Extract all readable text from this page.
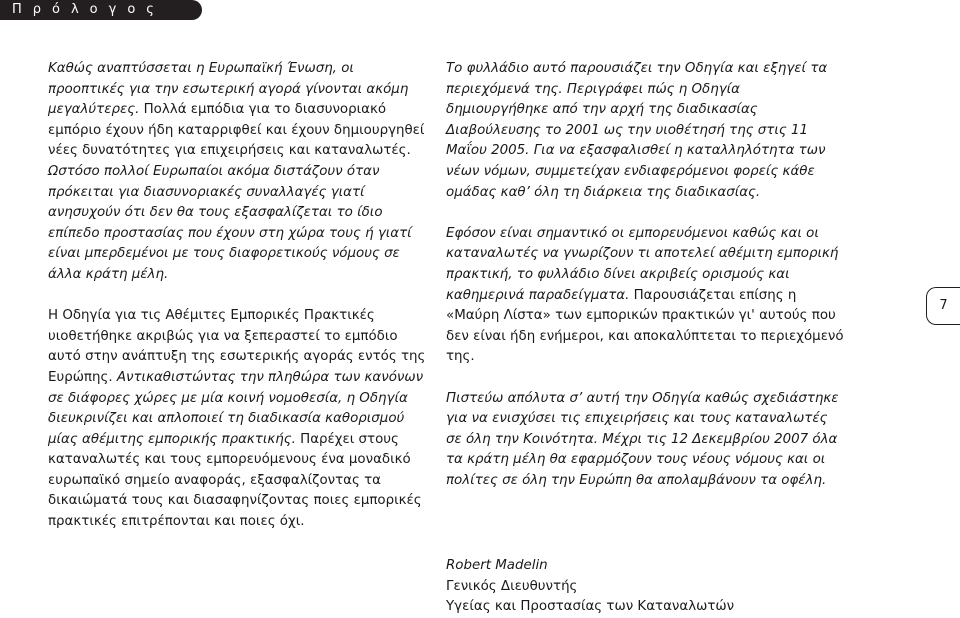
Πρόλογος

Καθώς αναπτύσσεται η Ευρωπαϊκή Ένωση, οι προοπτικές για την εσωτερική αγορά γίνονται ακόμη μεγαλύτερες. Πολλά εμπόδια για το διασυνοριακό εμπόριο έχουν ήδη καταρριφθεί και έχουν δημιουργηθεί νέες δυνατότητες για επιχειρήσεις και καταναλωτές. Ωστόσο πολλοί Ευρωπαίοι ακόμα διστάζουν όταν πρόκειται για διασυνοριακές συναλλαγές γιατί ανησυχούν ότι δεν θα τους εξασφαλίζεται το ίδιο επίπεδο προστασίας που έχουν στη χώρα τους ή γιατί είναι μπερδεμένοι με τους διαφορετικούς νόμους σε άλλα κράτη μέλη.

Η Οδηγία για τις Αθέμιτες Εμπορικές Πρακτικές υιοθετήθηκε ακριβώς για να ξεπεραστεί το εμπόδιο αυτό στην ανάπτυξη της εσωτερικής αγοράς εντός της Ευρώπης. Αντικαθιστώντας την πληθώρα των κανόνων σε διάφορες χώρες με μία κοινή νομοθεσία, η Οδηγία διευκρινίζει και απλοποιεί τη διαδικασία καθορισμού μίας αθέμιτης εμπορικής πρακτικής. Παρέχει στους καταναλωτές και τους εμπορευόμενους ένα μοναδικό ευρωπαϊκό σημείο αναφοράς, εξασφαλίζοντας τα δικαιώματά τους και διασαφηνίζοντας ποιες εμπορικές πρακτικές επιτρέπονται και ποιες όχι.

Το φυλλάδιο αυτό παρουσιάζει την Οδηγία και εξηγεί τα περιεχόμενά της. Περιγράφει πώς η Οδηγία δημιουργήθηκε από την αρχή της διαδικασίας Διαβούλευσης το 2001 ως την υιοθέτησή της στις 11 Μαΐου 2005. Για να εξασφαλισθεί η καταλληλότητα των νέων νόμων, συμμετείχαν ενδιαφερόμενοι φορείς κάθε ομάδας καθ’ όλη τη διάρκεια της διαδικασίας.

Εφόσον είναι σημαντικό οι εμπορευόμενοι καθώς και οι καταναλωτές να γνωρίζουν τι αποτελεί αθέμιτη εμπορική πρακτική, το φυλλάδιο δίνει ακριβείς ορισμούς και καθημερινά παραδείγματα. Παρουσιάζεται επίσης η «Μαύρη Λίστα» των εμπορικών πρακτικών γι' αυτούς που δεν είναι ήδη ενήμεροι, και αποκαλύπτεται το περιεχόμενό της.

Πιστεύω απόλυτα σ’ αυτή την Οδηγία καθώς σχεδιάστηκε για να ενισχύσει τις επιχειρήσεις και τους καταναλωτές σε όλη την Κοινότητα. Μέχρι τις 12 Δεκεμβρίου 2007 όλα τα κράτη μέλη θα εφαρμόζουν τους νέους νόμους και οι πολίτες σε όλη την Ευρώπη θα απολαμβάνουν τα οφέλη.

Robert Madelin
Γενικός Διευθυντής
Υγείας και Προστασίας των Καταναλωτών
7
